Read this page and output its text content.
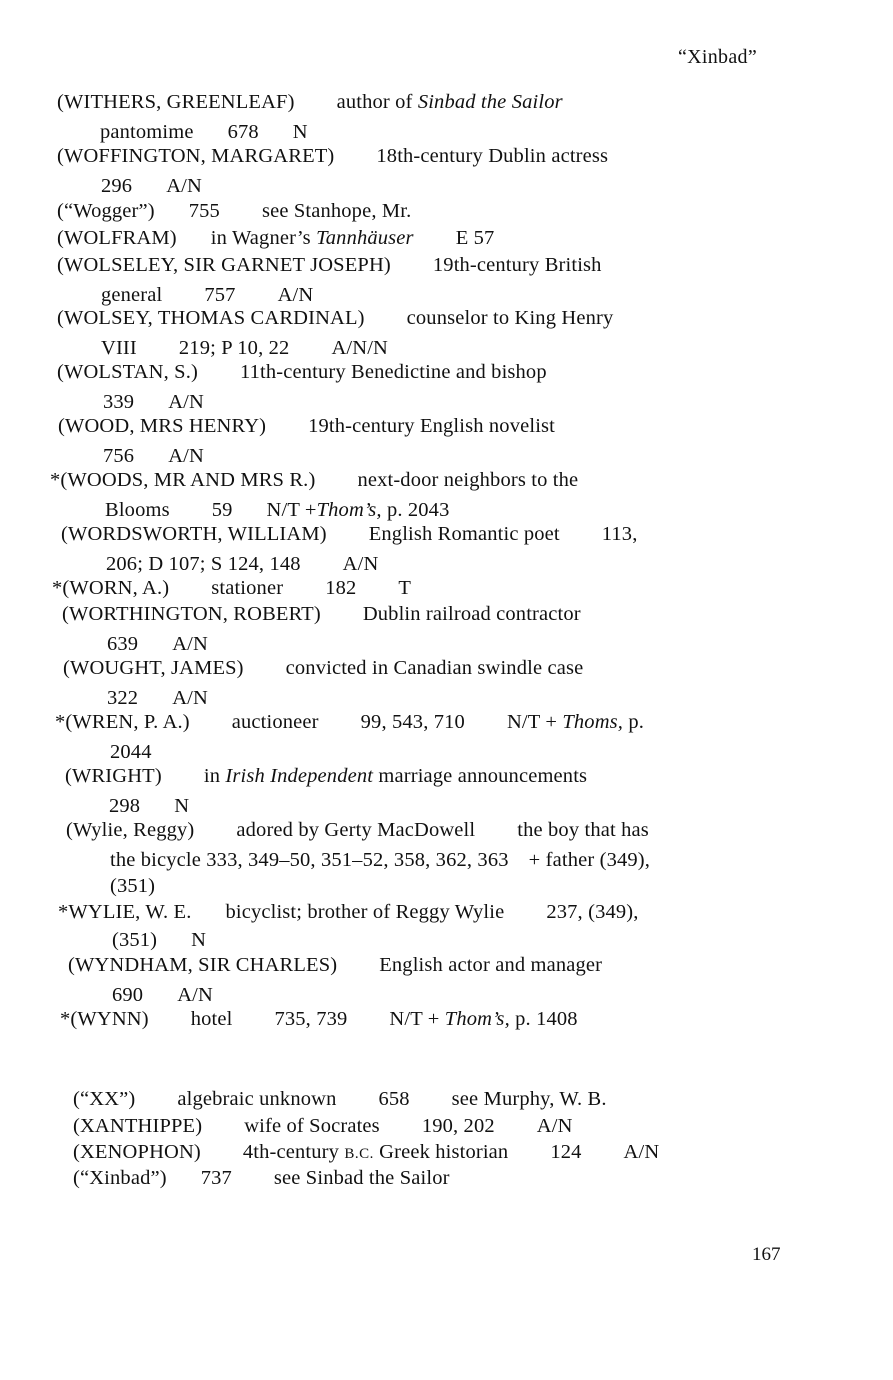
“Xinbad”
(WITHERS, GREENLEAF) author of Sinbad the Sailor
pantomime 678 N
(WOFFINGTON, MARGARET) 18th-century Dublin actress
296 A/N
(“Wogger”) 755 see Stanhope, Mr.
(WOLFRAM) in Wagner’s Tannhäuser E 57
(WOLSELEY, SIR GARNET JOSEPH) 19th-century British
general 757 A/N
(WOLSEY, THOMAS CARDINAL) counselor to King Henry
VIII 219; P 10, 22 A/N/N
(WOLSTAN, S.) 11th-century Benedictine and bishop
339 A/N
(WOOD, MRS HENRY) 19th-century English novelist
756 A/N
*(WOODS, MR AND MRS R.) next-door neighbors to the
Blooms 59 N/T +Thom’s, p. 2043
(WORDSWORTH, WILLIAM) English Romantic poet 113,
206; D 107; S 124, 148 A/N
*(WORN, A.) stationer 182 T
(WORTHINGTON, ROBERT) Dublin railroad contractor
639 A/N
(WOUGHT, JAMES) convicted in Canadian swindle case
322 A/N
*(WREN, P. A.) auctioneer 99, 543, 710 N/T + Thoms, p.
2044
(WRIGHT) in Irish Independent marriage announcements
298 N
(Wylie, Reggy) adored by Gerty MacDowell the boy that has
the bicycle 333, 349–50, 351–52, 358, 362, 363 + father (349),
(351)
*WYLIE, W. E. bicyclist; brother of Reggy Wylie 237, (349),
(351) N
(WYNDHAM, SIR CHARLES) English actor and manager
690 A/N
*(WYNN) hotel 735, 739 N/T + Thom’s, p. 1408
(“XX”) algebraic unknown 658 see Murphy, W. B.
(XANTHIPPE) wife of Socrates 190, 202 A/N
(XENOPHON) 4th-century B.C. Greek historian 124 A/N
(“Xinbad”) 737 see Sinbad the Sailor
167
